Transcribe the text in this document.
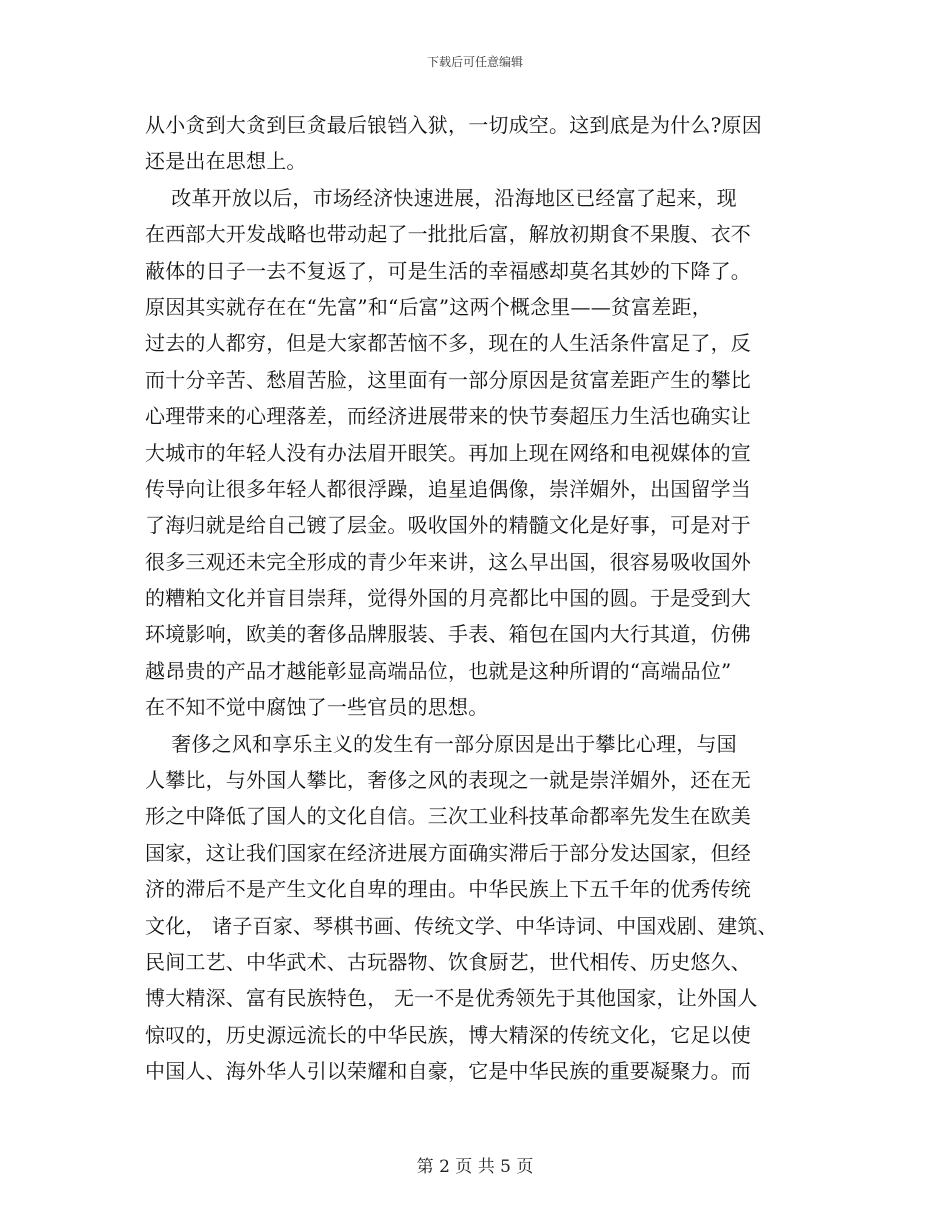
下载后可任意编辑
从小贪到大贪到巨贪最后锒铛入狱，一切成空。这到底是为什么?原因
还是出在思想上。
改革开放以后，市场经济快速进展，沿海地区已经富了起来，现
在西部大开发战略也带动起了一批批后富，解放初期食不果腹、衣不
蔽体的日子一去不复返了，可是生活的幸福感却莫名其妙的下降了。
原因其实就存在在“先富”和“后富”这两个概念里——贫富差距，
过去的人都穷，但是大家都苦恼不多，现在的人生活条件富足了，反
而十分辛苦、愁眉苦脸，这里面有一部分原因是贫富差距产生的攀比
心理带来的心理落差，而经济进展带来的快节奏超压力生活也确实让
大城市的年轻人没有办法眉开眼笑。再加上现在网络和电视媒体的宣
传导向让很多年轻人都很浮躁，追星追偶像，崇洋媚外，出国留学当
了海归就是给自己镀了层金。吸收国外的精髓文化是好事，可是对于
很多三观还未完全形成的青少年来讲，这么早出国，很容易吸收国外
的糟粕文化并盲目崇拜，觉得外国的月亮都比中国的圆。于是受到大
环境影响，欧美的奢侈品牌服装、手表、箱包在国内大行其道，仿佛
越昂贵的产品才越能彰显高端品位，也就是这种所谓的“高端品位”
在不知不觉中腐蚀了一些官员的思想。
奢侈之风和享乐主义的发生有一部分原因是出于攀比心理，与国
人攀比，与外国人攀比，奢侈之风的表现之一就是崇洋媚外，还在无
形之中降低了国人的文化自信。三次工业科技革命都率先发生在欧美
国家，这让我们国家在经济进展方面确实滞后于部分发达国家，但经
济的滞后不是产生文化自卑的理由。中华民族上下五千年的优秀传统
文化， 诸子百家、琴棋书画、传统文学、中华诗词、中国戏剧、建筑、
民间工艺、中华武术、古玩器物、饮食厨艺，世代相传、历史悠久、
博大精深、富有民族特色， 无一不是优秀领先于其他国家，让外国人
惊叹的，历史源远流长的中华民族，博大精深的传统文化，它足以使
中国人、海外华人引以荣耀和自豪，它是中华民族的重要凝聚力。而
第 2 页 共 5 页
